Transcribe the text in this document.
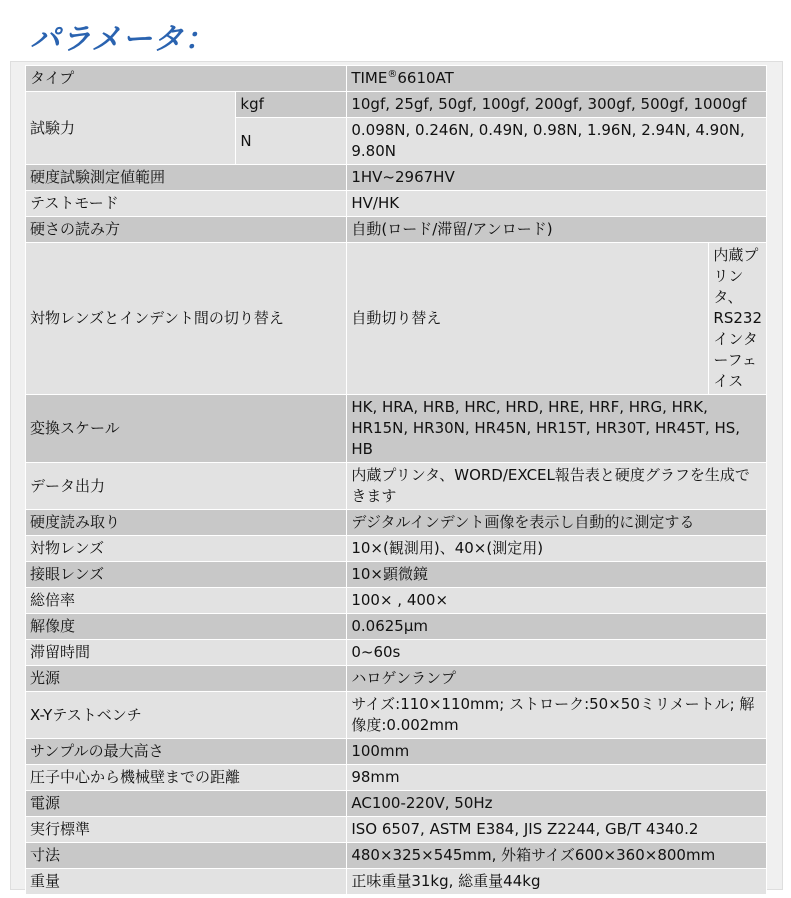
パラメータ：
タイプ		TIME®6610AT	
試験力	kgf	10gf, 25gf, 50gf, 100gf, 200gf, 300gf, 500gf, 1000gf	
	N	0.098N, 0.246N, 0.49N, 0.98N, 1.96N, 2.94N, 4.90N, 9.80N	
硬度試験測定値範囲		1HV~2967HV	
テストモード		HV/HK	
硬さの読み方		自動(ロード/滞留/アンロード)	
対物レンズとインデント間の切り替え		自動切り替え	内蔵プリンタ、RS232インターフェイス
変換スケール		HK, HRA, HRB, HRC, HRD, HRE, HRF, HRG, HRK, HR15N, HR30N, HR45N, HR15T, HR30T, HR45T, HS, HB	
データ出力		内蔵プリンタ、WORD/EXCEL報告表と硬度グラフを生成できます	
硬度読み取り		デジタルインデント画像を表示し自動的に測定する	
対物レンズ		10×(観測用)、40×(測定用)	
接眼レンズ		10×顕微鏡	
総倍率		100× , 400×	
解像度		0.0625μm	
滞留時間		0~60s	
光源		ハロゲンランプ	
X-Yテストベンチ		サイズ:110×110mm; ストローク:50×50ミリメートル; 解像度:0.002mm	
サンプルの最大高さ		100mm	
圧子中心から機械壁までの距離		98mm	
電源		AC100-220V, 50Hz	
実行標準		ISO 6507, ASTM E384, JIS Z2244, GB/T 4340.2	
寸法		480×325×545mm, 外箱サイズ600×360×800mm	
重量		正味重量31kg, 総重量44kg	
